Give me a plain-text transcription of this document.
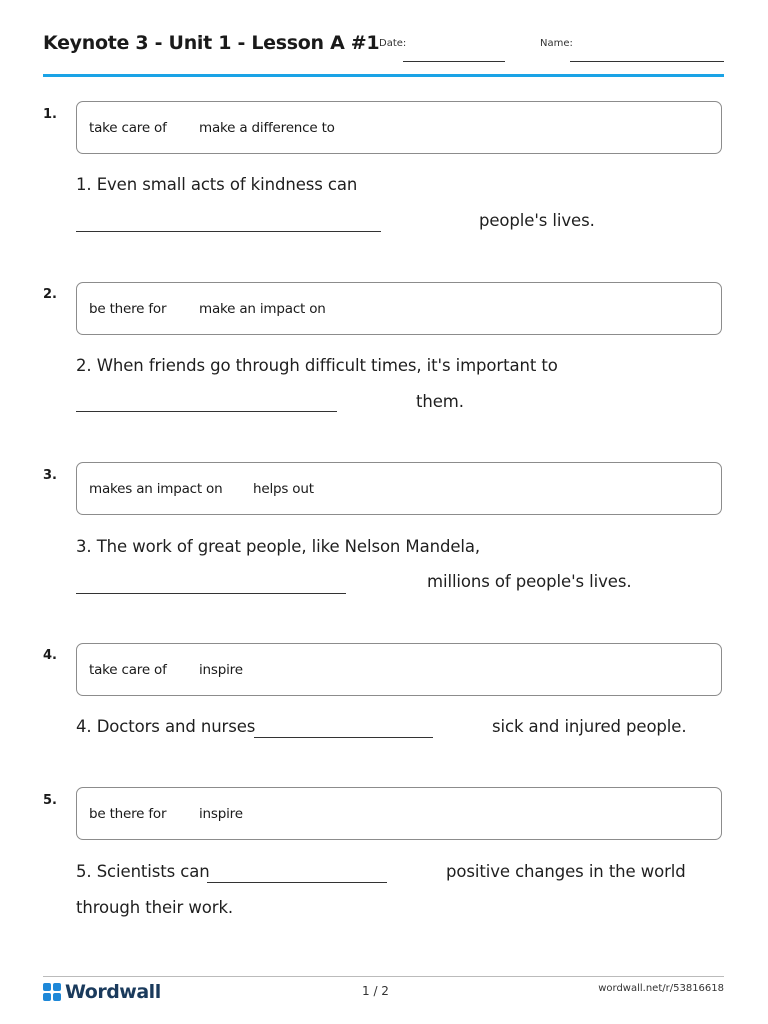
Keynote 3 - Unit 1 - Lesson A #1 Date:	Name:
1.
take care of make a difference to
1. Even small acts of kindness can
people's lives.
2.
be there for make an impact on
2. When friends go through difficult times, it's important to
them.
3.
makes an impact on helps out
3. The work of great people, like Nelson Mandela,
millions of people's lives.
4.
take care of inspire
4. Doctors and nurses	sick and injured people.
5.
be there for inspire
5. Scientists can	positive changes in the world
through their work.
Wordwall	1 / 2	wordwall.net/r/53816618
